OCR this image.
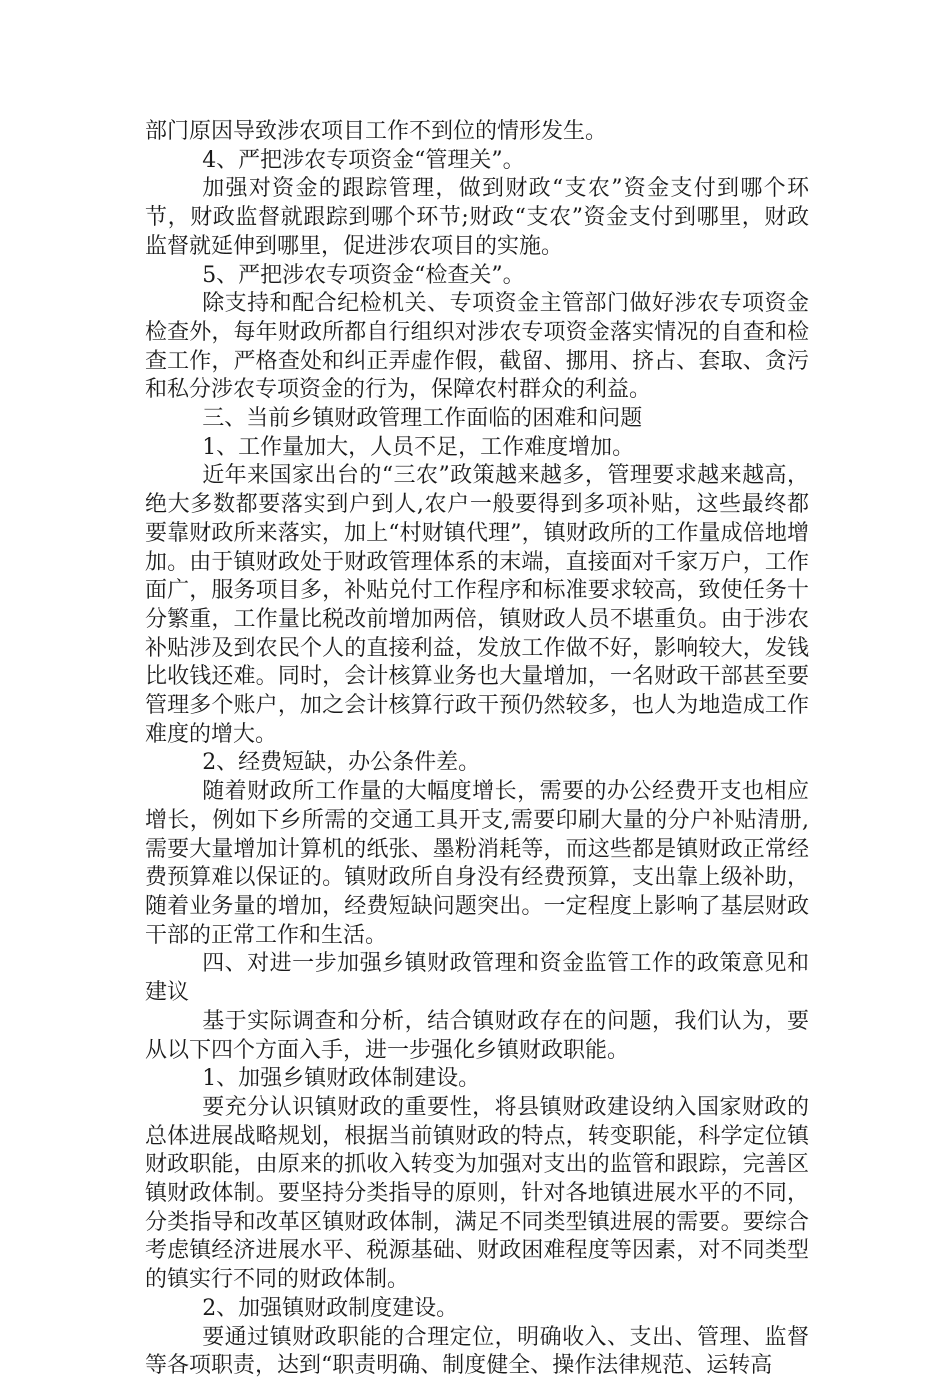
部门原因导致涉农项目工作不到位的情形发生。

4、严把涉农专项资金“管理关”。

加强对资金的跟踪管理，做到财政“支农”资金支付到哪个环节，财政监督就跟踪到哪个环节;财政“支农”资金支付到哪里，财政监督就延伸到哪里，促进涉农项目的实施。

5、严把涉农专项资金“检查关”。

除支持和配合纪检机关、专项资金主管部门做好涉农专项资金检查外，每年财政所都自行组织对涉农专项资金落实情况的自查和检查工作，严格查处和纠正弄虚作假，截留、挪用、挤占、套取、贪污和私分涉农专项资金的行为，保障农村群众的利益。

三、当前乡镇财政管理工作面临的困难和问题

1、工作量加大，人员不足，工作难度增加。

近年来国家出台的“三农”政策越来越多，管理要求越来越高，绝大多数都要落实到户到人,农户一般要得到多项补贴，这些最终都要靠财政所来落实，加上“村财镇代理”，镇财政所的工作量成倍地增加。由于镇财政处于财政管理体系的末端，直接面对千家万户，工作面广，服务项目多，补贴兑付工作程序和标准要求较高，致使任务十分繁重，工作量比税改前增加两倍，镇财政人员不堪重负。由于涉农补贴涉及到农民个人的直接利益，发放工作做不好，影响较大，发钱比收钱还难。同时，会计核算业务也大量增加，一名财政干部甚至要管理多个账户，加之会计核算行政干预仍然较多，也人为地造成工作难度的增大。

2、经费短缺，办公条件差。

随着财政所工作量的大幅度增长，需要的办公经费开支也相应增长，例如下乡所需的交通工具开支,需要印刷大量的分户补贴清册,需要大量增加计算机的纸张、墨粉消耗等，而这些都是镇财政正常经费预算难以保证的。镇财政所自身没有经费预算，支出靠上级补助，随着业务量的增加，经费短缺问题突出。一定程度上影响了基层财政干部的正常工作和生活。

四、对进一步加强乡镇财政管理和资金监管工作的政策意见和建议

基于实际调查和分析，结合镇财政存在的问题，我们认为，要从以下四个方面入手，进一步强化乡镇财政职能。

1、加强乡镇财政体制建设。

要充分认识镇财政的重要性，将县镇财政建设纳入国家财政的总体进展战略规划，根据当前镇财政的特点，转变职能，科学定位镇财政职能，由原来的抓收入转变为加强对支出的监管和跟踪，完善区镇财政体制。要坚持分类指导的原则，针对各地镇进展水平的不同，分类指导和改革区镇财政体制，满足不同类型镇进展的需要。要综合考虑镇经济进展水平、税源基础、财政困难程度等因素，对不同类型的镇实行不同的财政体制。

2、加强镇财政制度建设。

要通过镇财政职能的合理定位，明确收入、支出、管理、监督等各项职责，达到“职责明确、制度健全、操作法律规范、运转高
